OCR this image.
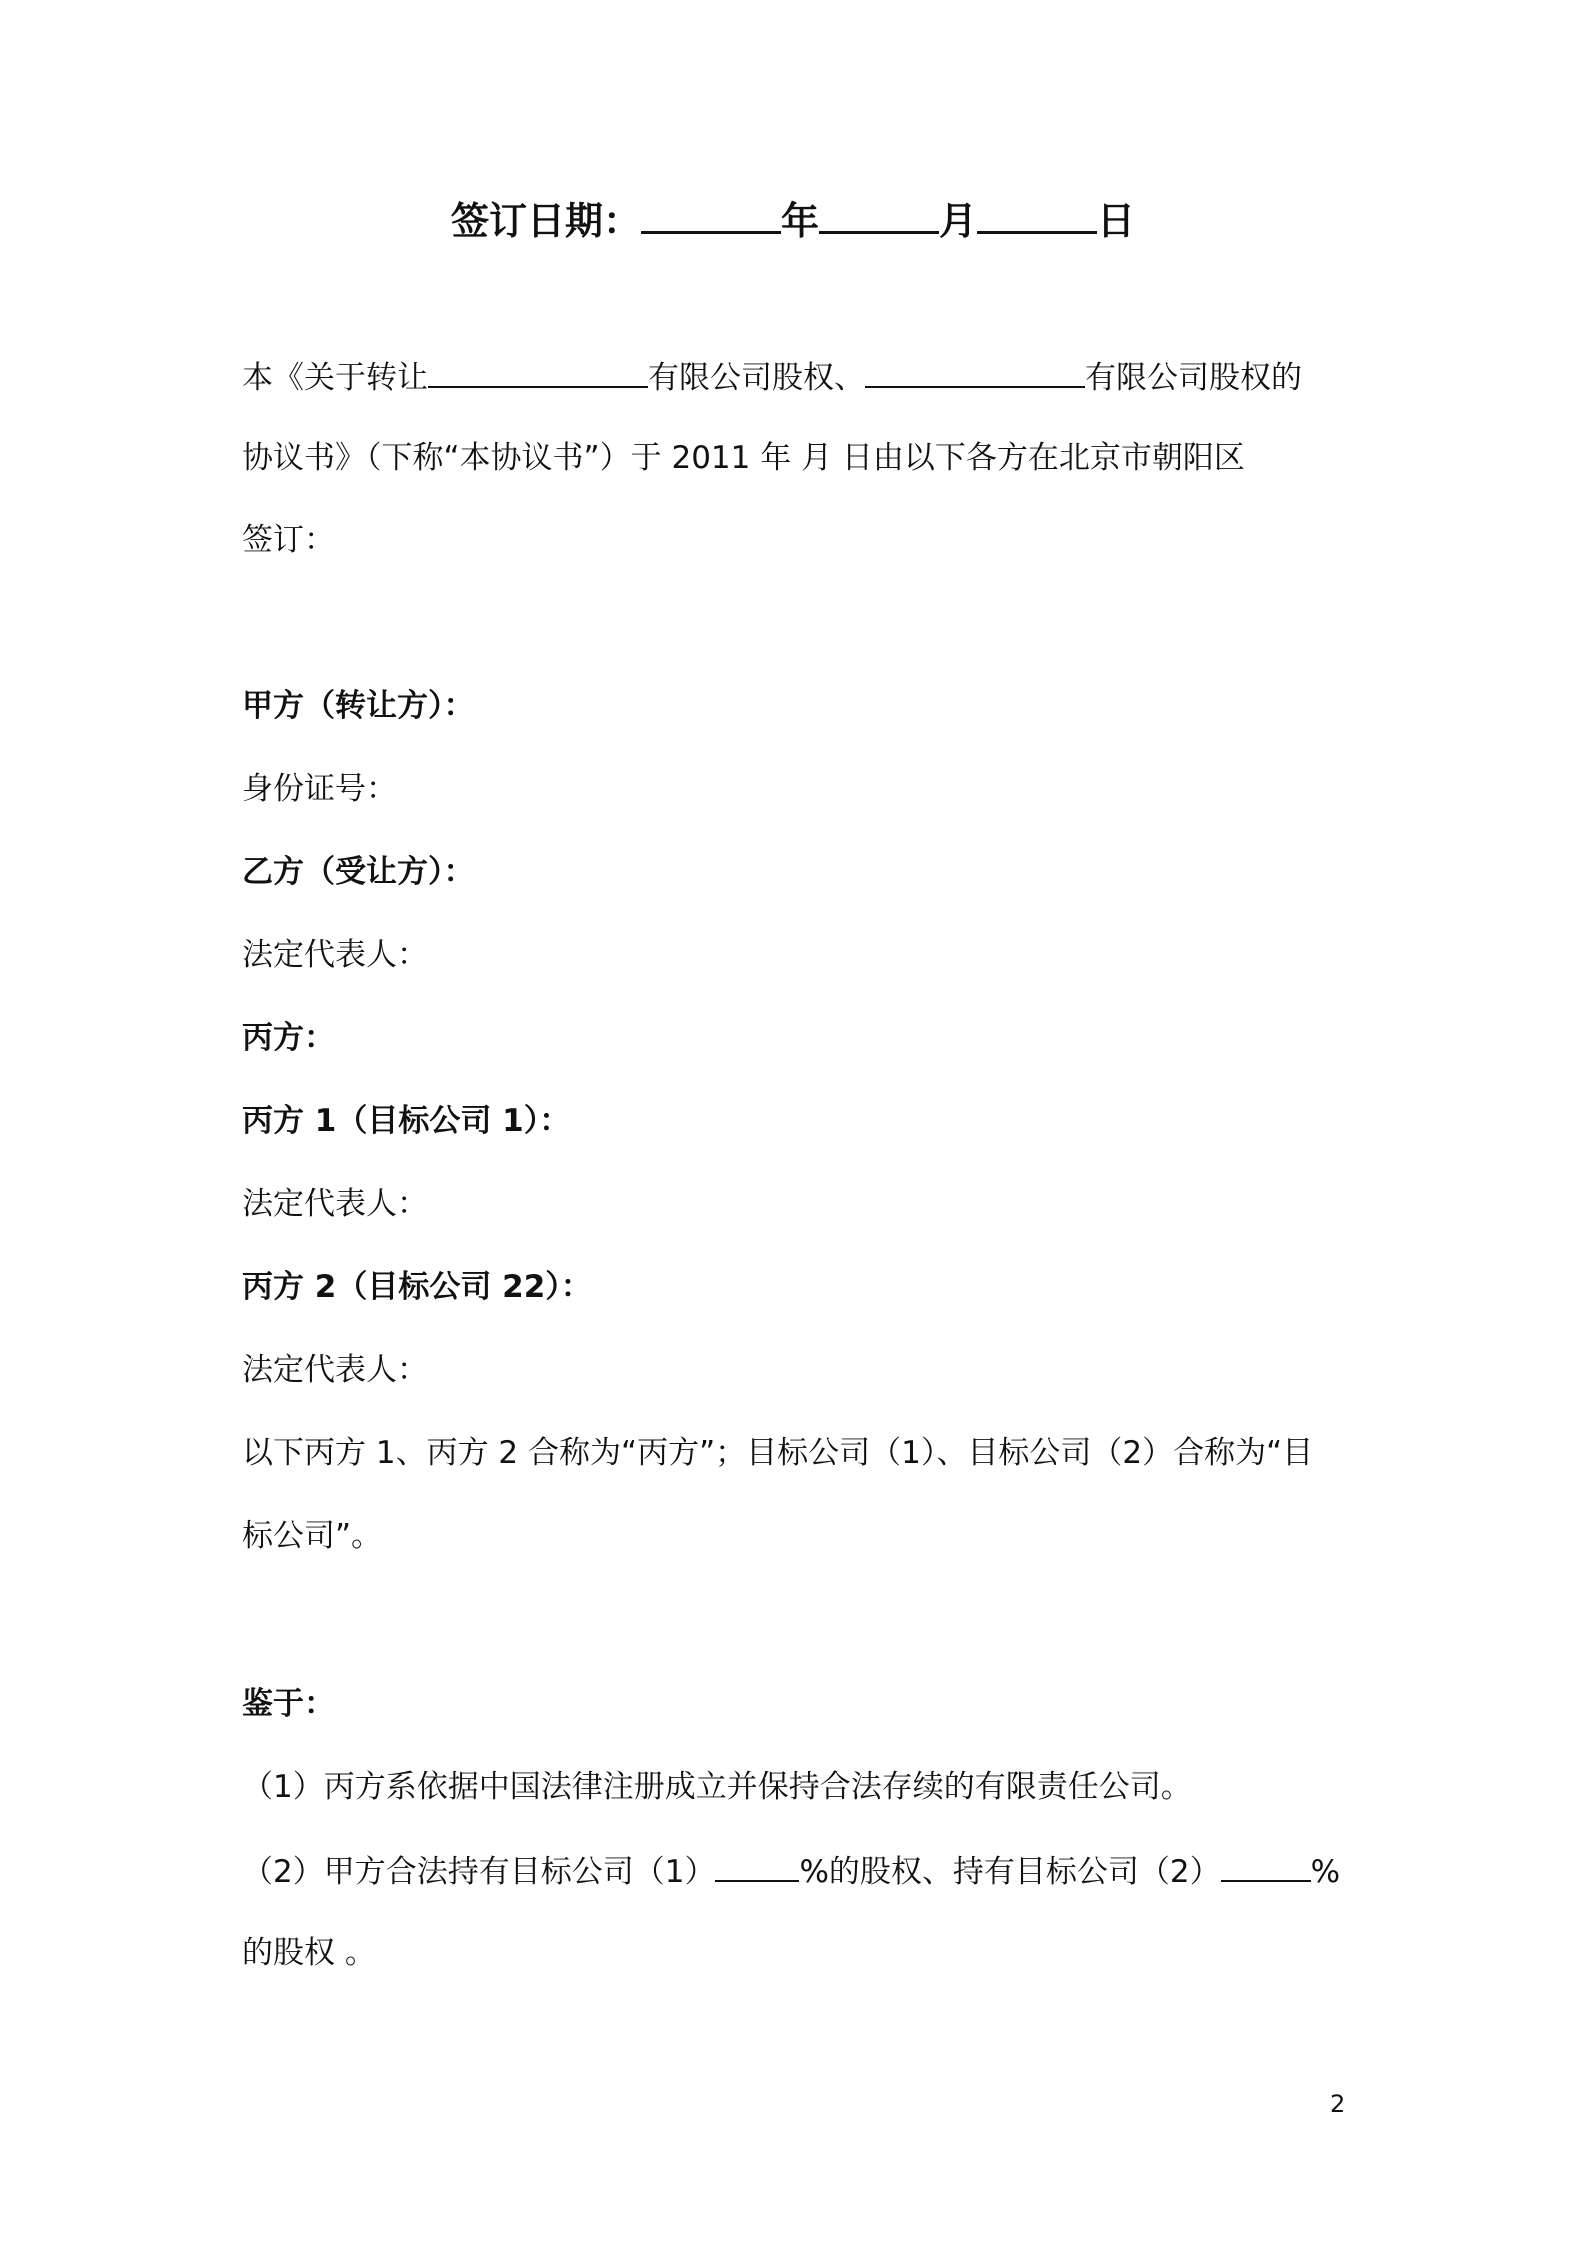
签订日期：	年	月	日
本《关于转让	有限公司股权、	有限公司股权的
协议书》（下称“本协议书”）于 2011 年 月 日由以下各方在北京市朝阳区
签订：
甲方（转让方）：
身份证号：
乙方（受让方）：
法定代表人：
丙方：
丙方 1（目标公司 1）：
法定代表人：
丙方 2（目标公司 22）：
法定代表人：
以下丙方 1、丙方 2 合称为“丙方”；目标公司（1）、目标公司（2）合称为“目
标公司”。
鉴于：
（1）丙方系依据中国法律注册成立并保持合法存续的有限责任公司。
（2）甲方合法持有目标公司（1）	%的股权、持有目标公司（2）	%
的股权 。
2
